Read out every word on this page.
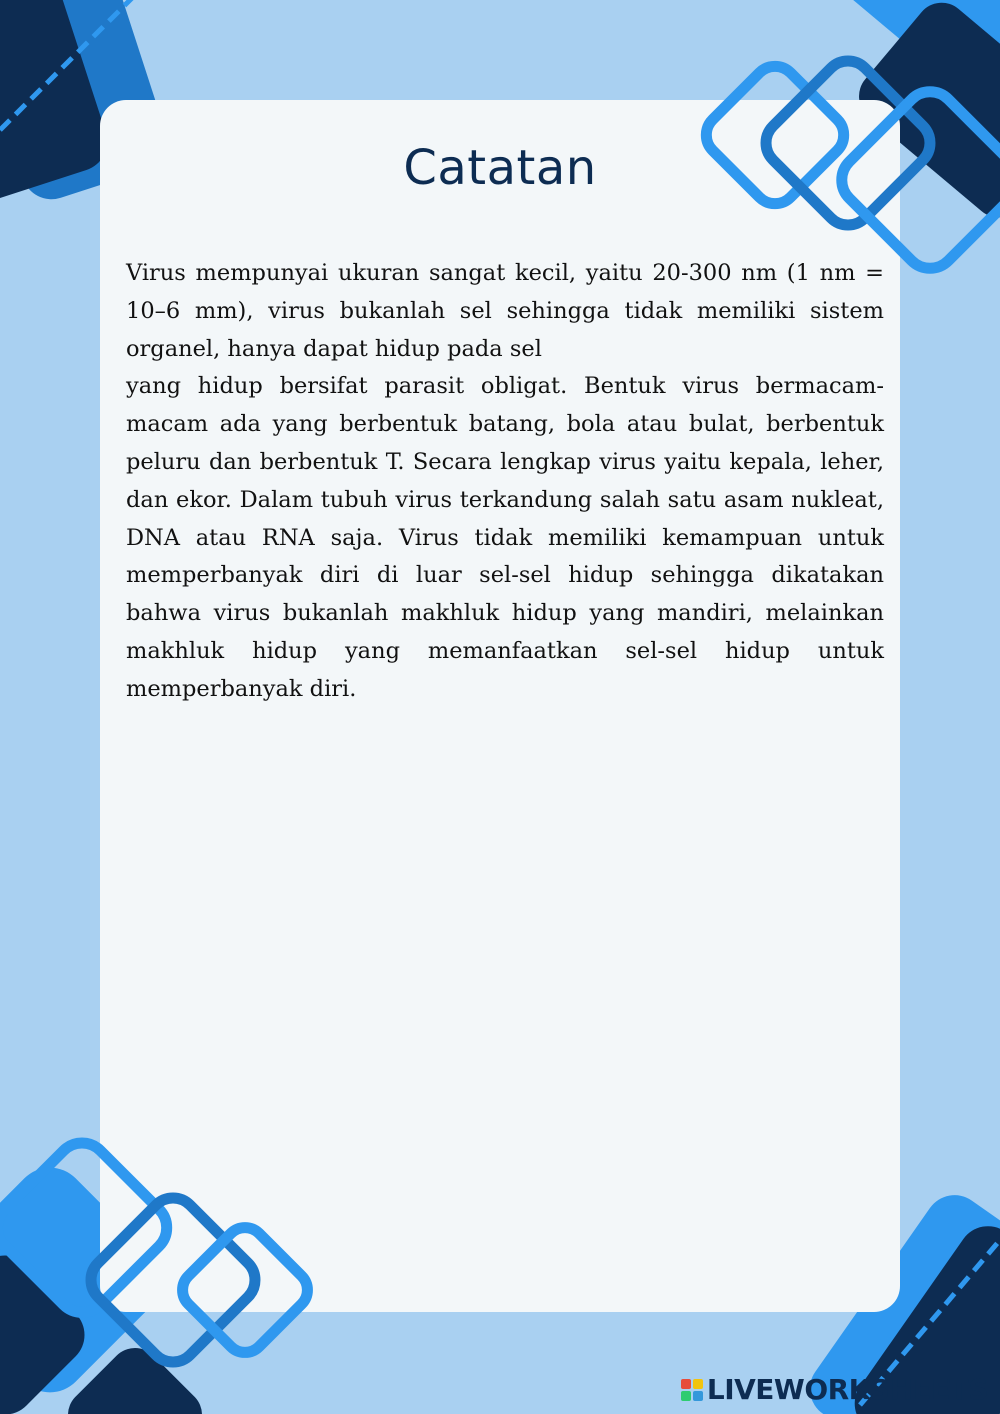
Catatan

Virus mempunyai ukuran sangat kecil, yaitu 20-300 nm (1 nm = 10–6 mm), virus bukanlah sel sehingga tidak memiliki sistem organel, hanya dapat hidup pada sel
yang hidup bersifat parasit obligat. Bentuk virus bermacam-macam ada yang berbentuk batang, bola atau bulat, berbentuk peluru dan berbentuk T. Secara lengkap virus yaitu kepala, leher, dan ekor. Dalam tubuh virus terkandung salah satu asam nukleat, DNA atau RNA saja. Virus tidak memiliki kemampuan untuk memperbanyak diri di luar sel-sel hidup sehingga dikatakan bahwa virus bukanlah makhluk hidup yang mandiri, melainkan makhluk hidup yang memanfaatkan sel-sel hidup untuk memperbanyak diri.

LIVEWORKSHEETS
